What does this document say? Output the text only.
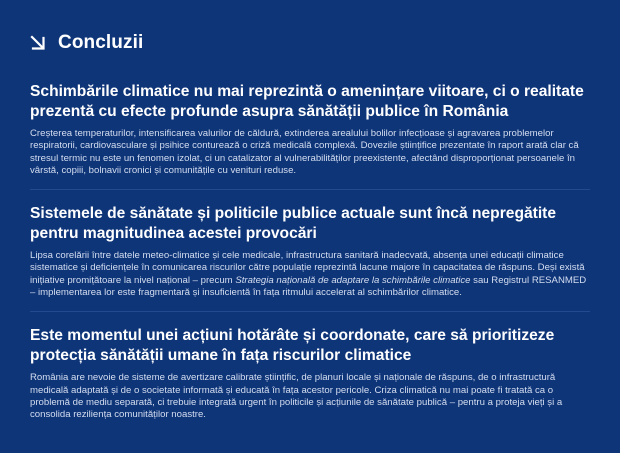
Concluzii
Schimbările climatice nu mai reprezintă o amenințare viitoare, ci o realitate prezentă cu efecte profunde asupra sănătății publice în România

Creșterea temperaturilor, intensificarea valurilor de căldură, extinderea arealului bolilor infecțioase și agravarea problemelor respiratorii, cardiovasculare și psihice conturează o criză medicală complexă. Dovezile științifice prezentate în raport arată clar că stresul termic nu este un fenomen izolat, ci un catalizator al vulnerabilităților preexistente, afectând disproporționat persoanele în vârstă, copiii, bolnavii cronici și comunitățile cu venituri reduse.

Sistemele de sănătate și politicile publice actuale sunt încă nepregătite pentru magnitudinea acestei provocări

Lipsa corelării între datele meteo-climatice și cele medicale, infrastructura sanitară inadecvată, absența unei educații climatice sistematice și deficiențele în comunicarea riscurilor către populație reprezintă lacune majore în capacitatea de răspuns. Deși există inițiative promițătoare la nivel național – precum Strategia națională de adaptare la schimbările climatice sau Registrul RESANMED – implementarea lor este fragmentară și insuficientă în fața ritmului accelerat al schimbărilor climatice.

Este momentul unei acțiuni hotărâte și coordonate, care să prioritizeze protecția sănătății umane în fața riscurilor climatice

România are nevoie de sisteme de avertizare calibrate științific, de planuri locale și naționale de răspuns, de o infrastructură medicală adaptată și de o societate informată și educată în fața acestor pericole. Criza climatică nu mai poate fi tratată ca o problemă de mediu separată, ci trebuie integrată urgent în politicile și acțiunile de sănătate publică – pentru a proteja vieți și a consolida reziliența comunităților noastre.
